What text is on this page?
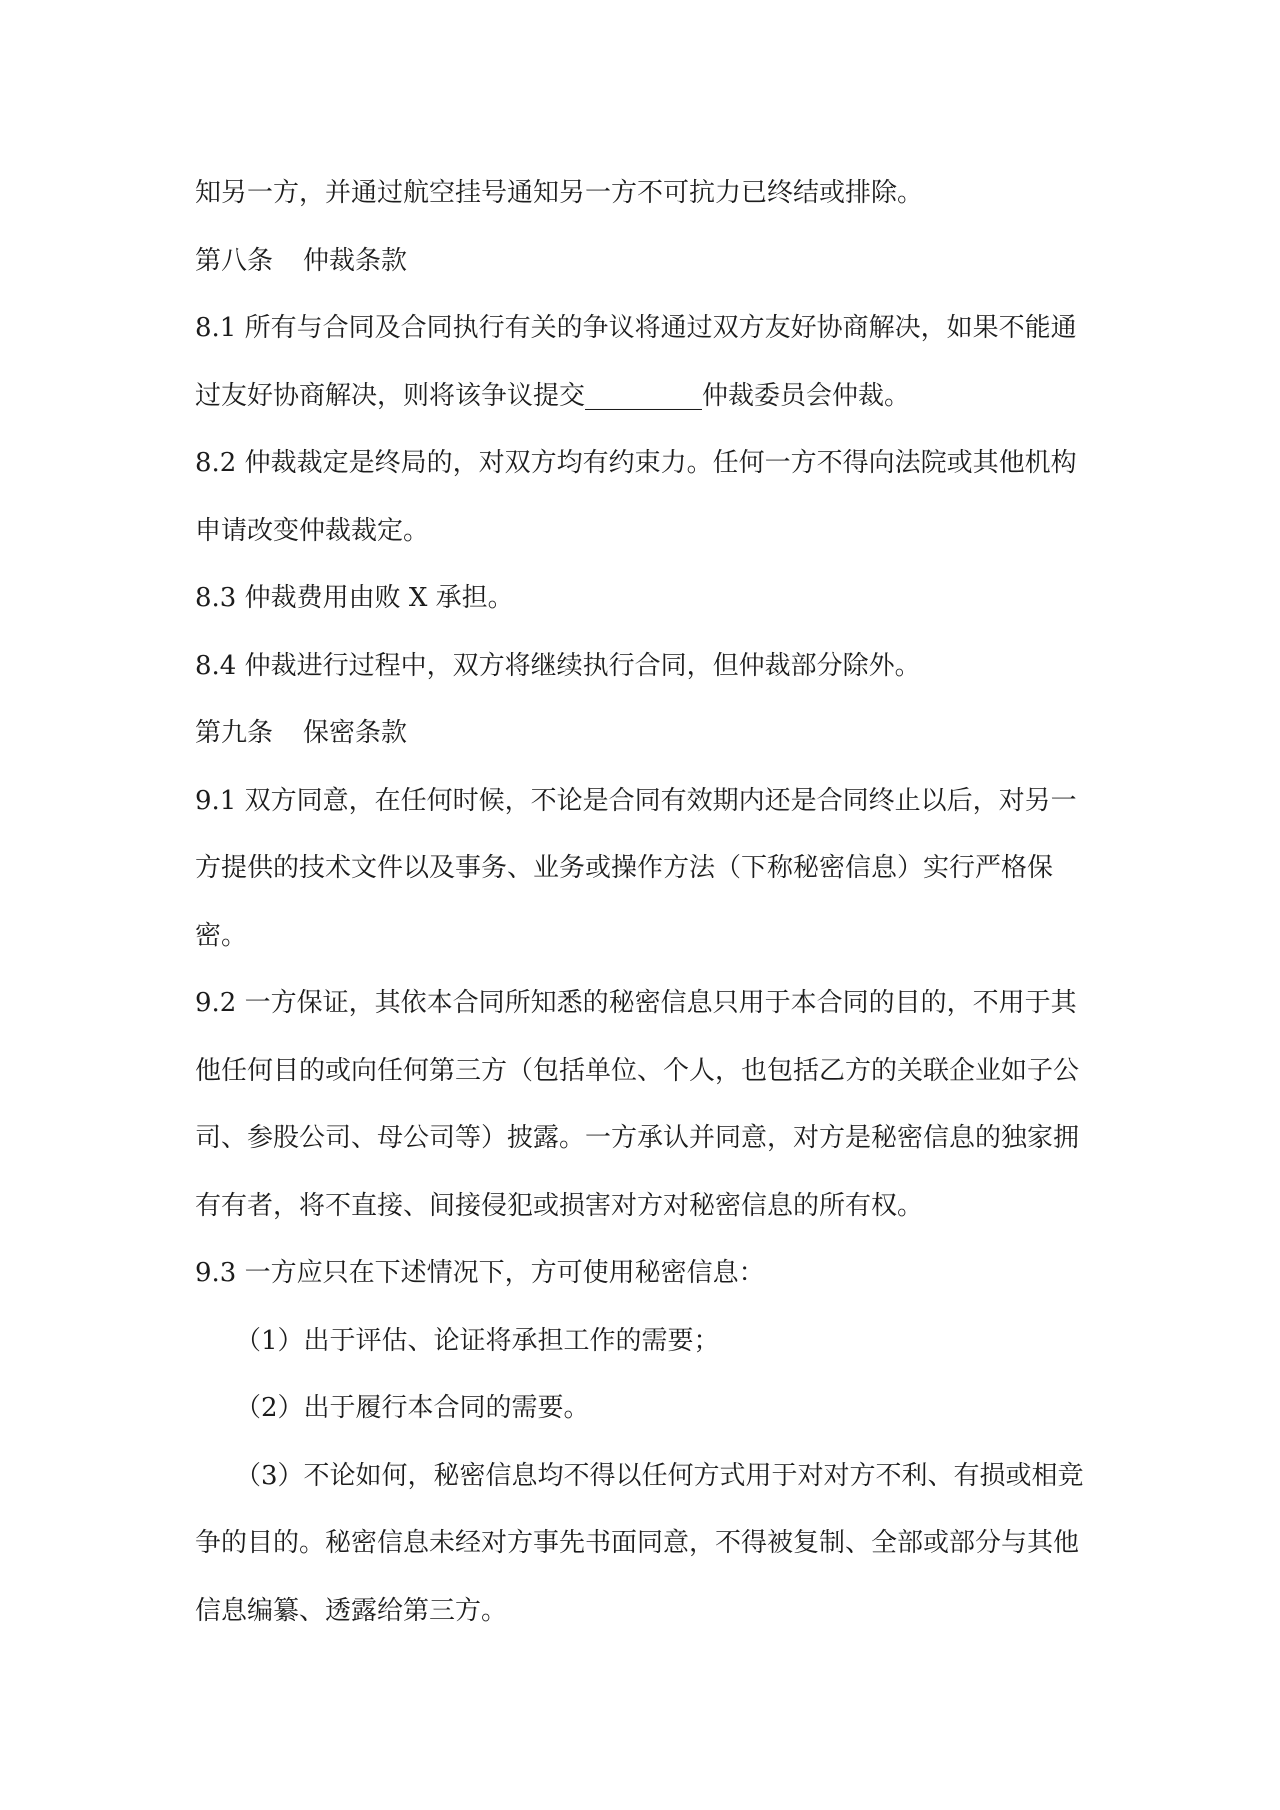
知另一方，并通过航空挂号通知另一方不可抗力已终结或排除。

第八条 仲裁条款

8.1 所有与合同及合同执行有关的争议将通过双方友好协商解决，如果不能通过友好协商解决，则将该争议提交_________仲裁委员会仲裁。

8.2 仲裁裁定是终局的，对双方均有约束力。任何一方不得向法院或其他机构申请改变仲裁裁定。

8.3 仲裁费用由败 X 承担。

8.4 仲裁进行过程中，双方将继续执行合同，但仲裁部分除外。

第九条 保密条款

9.1 双方同意，在任何时候，不论是合同有效期内还是合同终止以后，对另一方提供的技术文件以及事务、业务或操作方法（下称秘密信息）实行严格保密。

9.2 一方保证，其依本合同所知悉的秘密信息只用于本合同的目的，不用于其他任何目的或向任何第三方（包括单位、个人，也包括乙方的关联企业如子公司、参股公司、母公司等）披露。一方承认并同意，对方是秘密信息的独家拥有有者，将不直接、间接侵犯或损害对方对秘密信息的所有权。

9.3 一方应只在下述情况下，方可使用秘密信息：

（1）出于评估、论证将承担工作的需要；

（2）出于履行本合同的需要。

（3）不论如何，秘密信息均不得以任何方式用于对对方不利、有损或相竞争的目的。秘密信息未经对方事先书面同意，不得被复制、全部或部分与其他信息编纂、透露给第三方。
